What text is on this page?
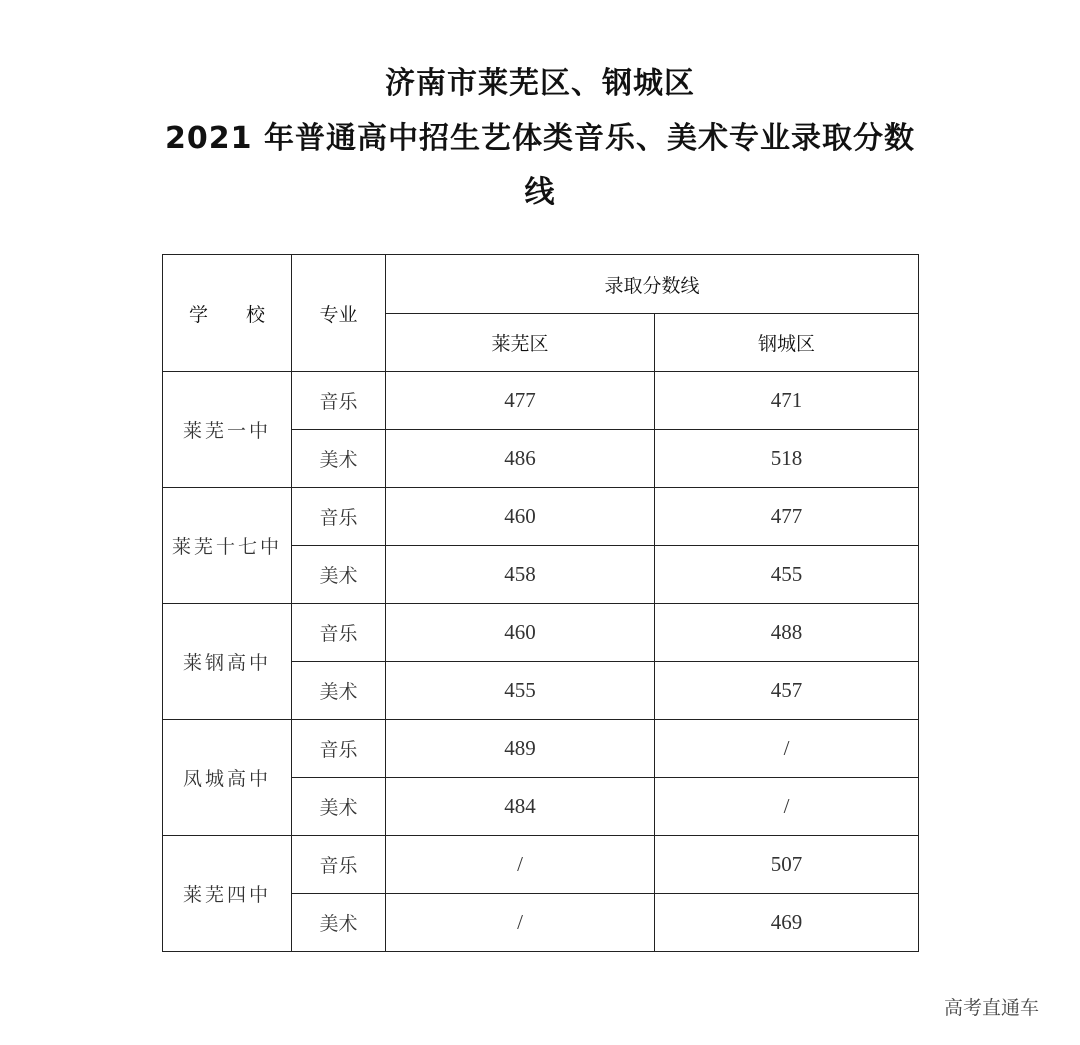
济南市莱芜区、钢城区
2021 年普通高中招生艺体类音乐、美术专业录取分数
线
学　　校	专业	录取分数线	
		莱芜区	钢城区
莱芜一中	音乐	477	471
	美术	486	518
莱芜十七中	音乐	460	477
	美术	458	455
莱钢高中	音乐	460	488
	美术	455	457
凤城高中	音乐	489	/
	美术	484	/
莱芜四中	音乐	/	507
	美术	/	469
高考直通车
